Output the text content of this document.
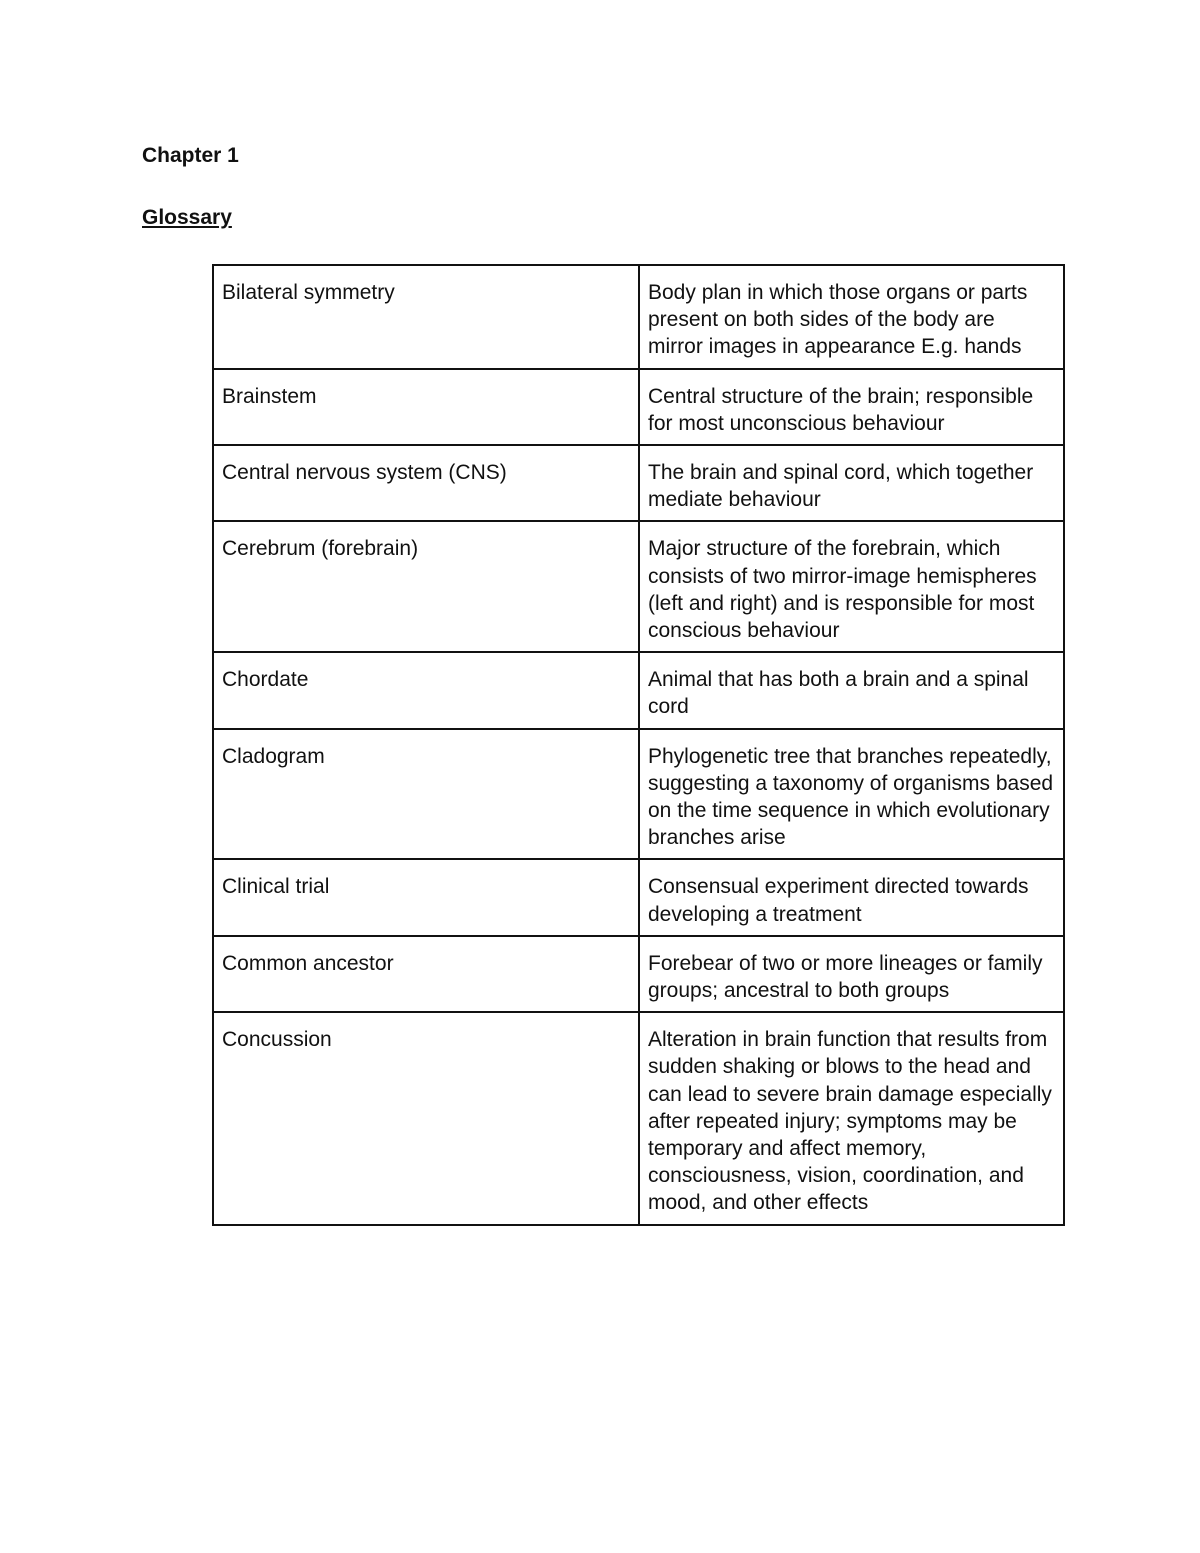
Chapter 1
Glossary
Bilateral symmetry	Body plan in which those organs or parts present on both sides of the body are mirror images in appearance E.g. hands
Brainstem	Central structure of the brain; responsible for most unconscious behaviour
Central nervous system (CNS)	The brain and spinal cord, which together mediate behaviour
Cerebrum (forebrain)	Major structure of the forebrain, which consists of two mirror-image hemispheres (left and right) and is responsible for most conscious behaviour
Chordate	Animal that has both a brain and a spinal cord
Cladogram	Phylogenetic tree that branches repeatedly, suggesting a taxonomy of organisms based on the time sequence in which evolutionary branches arise
Clinical trial	Consensual experiment directed towards developing a treatment
Common ancestor	Forebear of two or more lineages or family groups; ancestral to both groups
Concussion	Alteration in brain function that results from sudden shaking or blows to the head and can lead to severe brain damage especially after repeated injury; symptoms may be temporary and affect memory, consciousness, vision, coordination, and mood, and other effects
